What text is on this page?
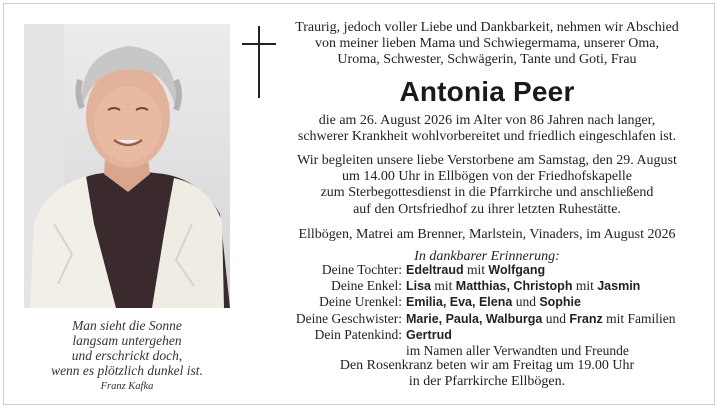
Man sieht die Sonne
langsam untergehen
und erschrickt doch,
wenn es plötzlich dunkel ist.
Franz Kafka

Traurig, jedoch voller Liebe und Dankbarkeit, nehmen wir Abschied
von meiner lieben Mama und Schwiegermama, unserer Oma,
Uroma, Schwester, Schwägerin, Tante und Goti, Frau

Antonia Peer

die am 26. August 2026 im Alter von 86 Jahren nach langer,
schwerer Krankheit wohlvorbereitet und friedlich eingeschlafen ist.

Wir begleiten unsere liebe Verstorbene am Samstag, den 29. August
um 14.00 Uhr in Ellbögen von der Friedhofskapelle
zum Sterbegottesdienst in die Pfarrkirche und anschließend
auf den Ortsfriedhof zu ihrer letzten Ruhestätte.

Ellbögen, Matrei am Brenner, Marlstein, Vinaders, im August 2026

In dankbarer Erinnerung:

Deine Tochter: Edeltraud mit Wolfgang
Deine Enkel: Lisa mit Matthias, Christoph mit Jasmin
Deine Urenkel: Emilia, Eva, Elena und Sophie
Deine Geschwister: Marie, Paula, Walburga und Franz mit Familien
Dein Patenkind: Gertrud
im Namen aller Verwandten und Freunde
Den Rosenkranz beten wir am Freitag um 19.00 Uhr
in der Pfarrkirche Ellbögen.
